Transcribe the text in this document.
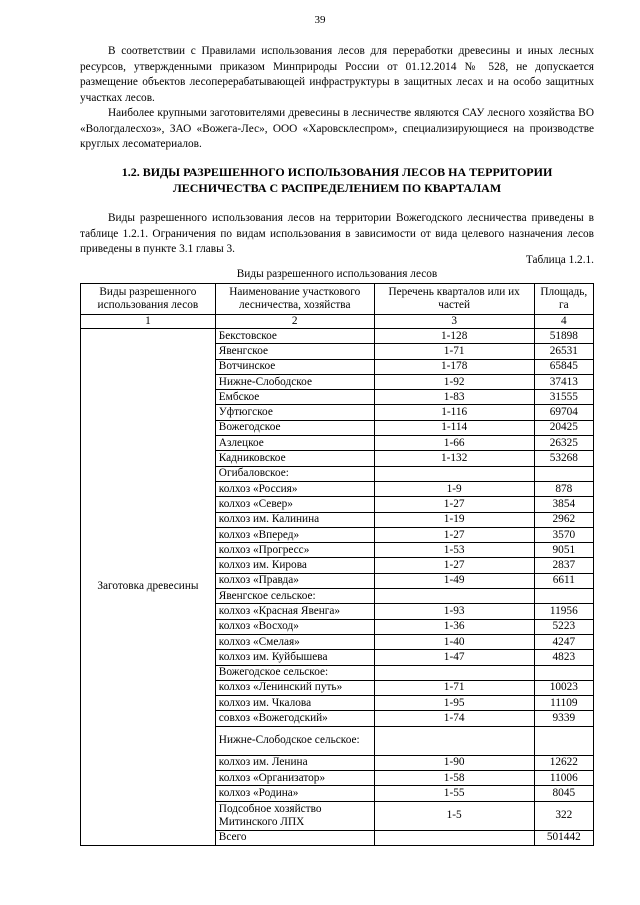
39

В соответствии с Правилами использования лесов для переработки древесины и иных лесных ресурсов, утвержденными приказом Минприроды России от 01.12.2014 № 528, не допускается размещение объектов лесоперерабатывающей инфраструктуры в защитных лесах и на особо защитных участках лесов.

Наиболее крупными заготовителями древесины в лесничестве являются САУ лесного хозяйства ВО «Вологдалесхоз», ЗАО «Вожега-Лес», ООО «Харовсклеспром», специализирующиеся на производстве круглых лесоматериалов.

1.2. ВИДЫ РАЗРЕШЕННОГО ИСПОЛЬЗОВАНИЯ ЛЕСОВ НА ТЕРРИТОРИИ ЛЕСНИЧЕСТВА С РАСПРЕДЕЛЕНИЕМ ПО КВАРТАЛАМ

Виды разрешенного использования лесов на территории Вожегодского лесничества приведены в таблице 1.2.1. Ограничения по видам использования в зависимости от вида целевого назначения лесов приведены в пункте 3.1 главы 3.

Таблица 1.2.1.
Виды разрешенного использования лесов
Виды разрешенного использования лесов	Наименование участкового лесничества, хозяйства	Перечень кварталов или их частей	Площадь, га
1	2	3	4
Заготовка древесины	Бекстовское	1-128	51898
	Явенгское	1-71	26531
	Вотчинское	1-178	65845
	Нижне-Слободское	1-92	37413
	Ембское	1-83	31555
	Уфтюгское	1-116	69704
	Вожегодское	1-114	20425
	Азлецкое	1-66	26325
	Кадниковское	1-132	53268
	Огибаловское:		
	колхоз «Россия»	1-9	878
	колхоз «Север»	1-27	3854
	колхоз им. Калинина	1-19	2962
	колхоз «Вперед»	1-27	3570
	колхоз «Прогресс»	1-53	9051
	колхоз им. Кирова	1-27	2837
	колхоз «Правда»	1-49	6611
	Явенгское сельское:		
	колхоз «Красная Явенга»	1-93	11956
	колхоз «Восход»	1-36	5223
	колхоз «Смелая»	1-40	4247
	колхоз им. Куйбышева	1-47	4823
	Вожегодское сельское:		
	колхоз «Ленинский путь»	1-71	10023
	колхоз им. Чкалова	1-95	11109
	совхоз «Вожегодский»	1-74	9339
	Нижне-Слободское сельское:		
	колхоз им. Ленина	1-90	12622
	колхоз «Организатор»	1-58	11006
	колхоз «Родина»	1-55	8045
	Подсобное хозяйство Митинского ЛПХ	1-5	322
	Всего		501442
